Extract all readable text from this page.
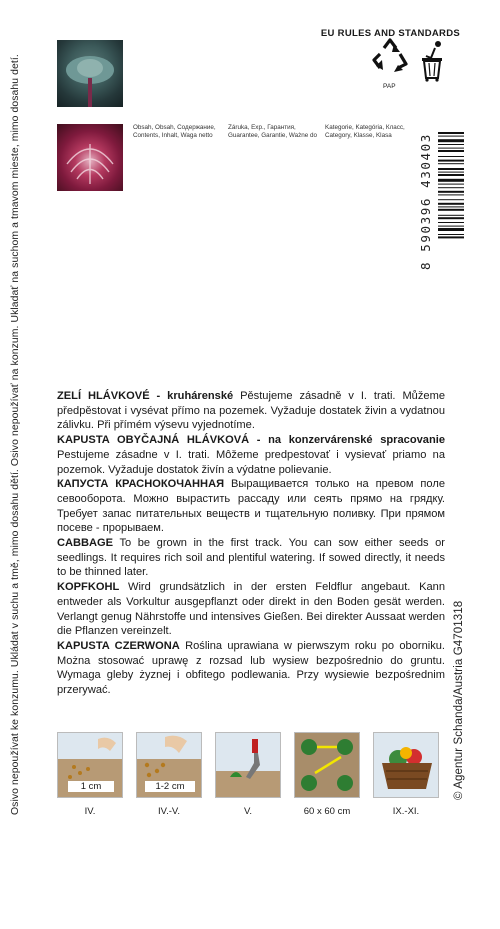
Osivo nepoužívat ke konzumu. Ukládat v suchu a tmě, mimo dosahu dětí. Osivo nepoužívať na konzum. Ukladať na suchom a tmavom mieste, mimo dosahu detí.
EU RULES AND STANDARDS
PAP
Obsah, Obsah, Содержание,
Contents, Inhalt, Waga netto
Záruka, Exp., Гарантия,
Guarantee, Garantie, Ważne do
Kategorie, Kategória, Класс,
Category, Klasse, Klasa	8 590396 430403
© Agentur Schanda/Austria G4701318

ZELÍ HLÁVKOVÉ - kruhárenské Pěstujeme zásadně v I. trati. Můžeme předpěstovat i vysévat přímo na pozemek. Vyžaduje dostatek živin a vydatnou zálivku. Při přímém výsevu vyjednotíme.

KAPUSTA OBYČAJNÁ HLÁVKOVÁ - na konzervárenské spracovanie Pestujeme zásadne v I. trati. Môžeme predpestovať i vysievať priamo na pozemok. Vyžaduje dostatok živín a výdatne polievanie.

КАПУСТА КРАСНОКОЧАННАЯ Выращивается только на превом поле севооборота. Можно вырастить рассаду или сеять прямо на грядку. Требует запас питательных веществ и тщательную поливку. При прямом посеве - прорываем.

CABBAGE To be grown in the first track. You can sow either seeds or seedlings. It requires rich soil and plentiful watering. If sowed directly, it needs to be thinned later.

KOPFKOHL Wird grundsätzlich in der ersten Feldflur angebaut. Kann entweder als Vorkultur ausgepflanzt oder direkt in den Boden gesät werden. Verlangt genug Nährstoffe und intensives Gießen. Bei direkter Aussaat werden die Pflanzen vereinzelt.

KAPUSTA CZERWONA Roślina uprawiana w pierwszym roku po oborniku. Można stosować uprawę z rozsad lub wysiew bezpośrednio do gruntu. Wymaga gleby żyznej i obfitego podlewania. Przy wysiewie bezpośrednim przerywać.

1 cm	1-2 cm
IV.	IV.-V.	V.	60 x 60 cm	IX.-XI.
